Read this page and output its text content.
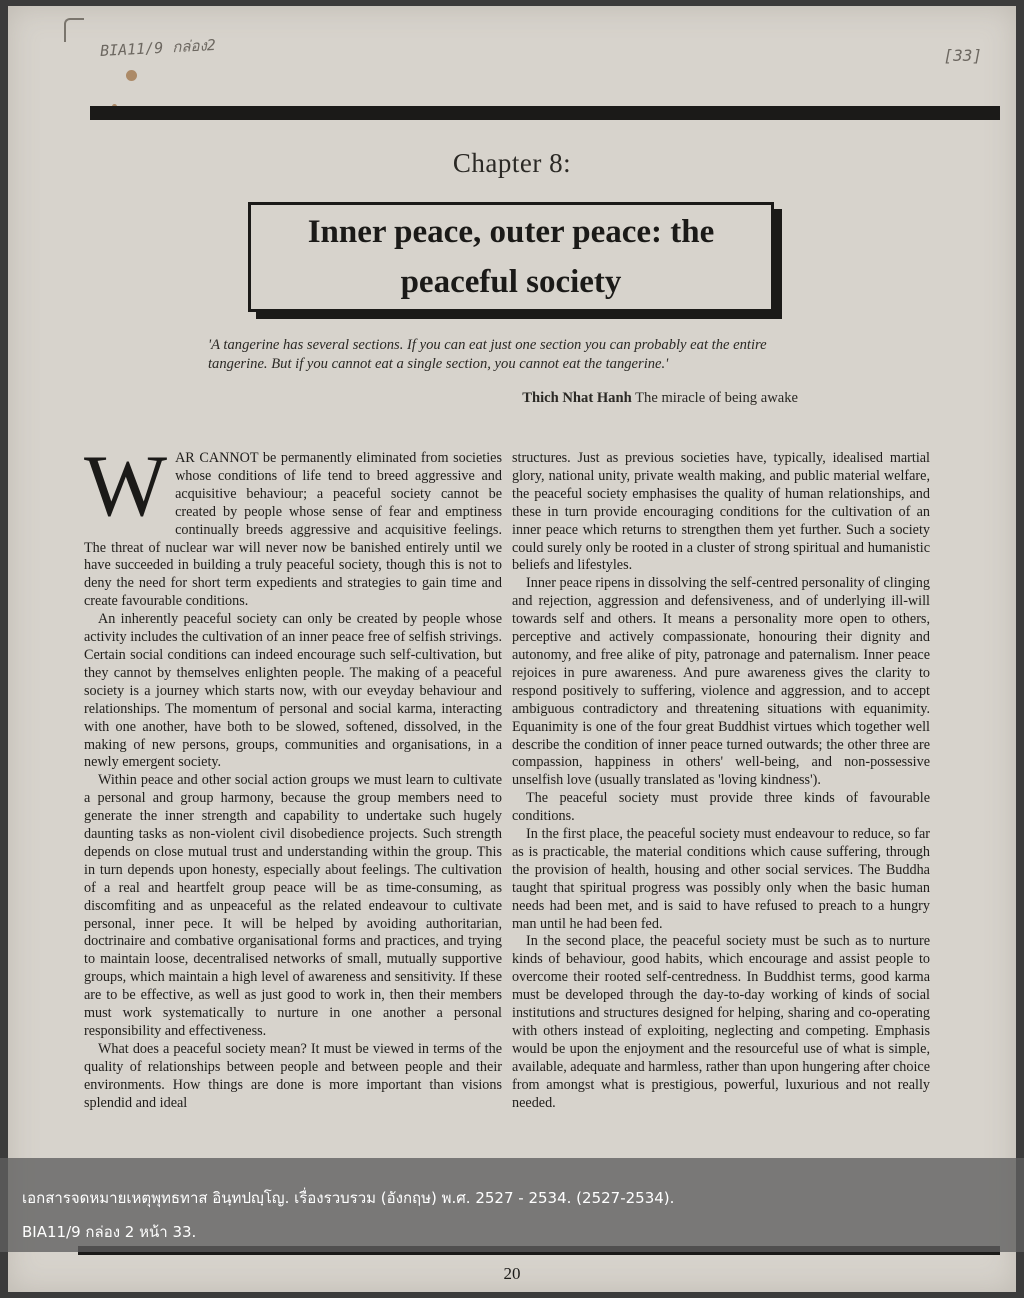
BIA11/9 กล่อง2	[33]
Chapter 8:
Inner peace, outer peace: the
peaceful society
'A tangerine has several sections. If you can eat just one section you can probably eat the entire tangerine. But if you cannot eat a single section, you cannot eat the tangerine.'
Thich Nhat Hanh The miracle of being awake

WAR CANNOT be permanently eliminated from societies whose conditions of life tend to breed aggressive and acquisitive behaviour; a peaceful society cannot be created by people whose sense of fear and emptiness continually breeds aggressive and acquisitive feelings. The threat of nuclear war will never now be banished entirely until we have succeeded in building a truly peaceful society, though this is not to deny the need for short term expedients and strategies to gain time and create favourable conditions.

An inherently peaceful society can only be created by people whose activity includes the cultivation of an inner peace free of selfish strivings. Certain social conditions can indeed encourage such self-cultivation, but they cannot by themselves enlighten people. The making of a peaceful society is a journey which starts now, with our eveyday behaviour and relationships. The momentum of personal and social karma, interacting with one another, have both to be slowed, softened, dissolved, in the making of new persons, groups, communities and organisations, in a newly emergent society.

Within peace and other social action groups we must learn to cultivate a personal and group harmony, because the group members need to generate the inner strength and capability to undertake such hugely daunting tasks as non-violent civil disobedience projects. Such strength depends on close mutual trust and understanding within the group. This in turn depends upon honesty, especially about feelings. The cultivation of a real and heartfelt group peace will be as time-consuming, as discomfiting and as unpeaceful as the related endeavour to cultivate personal, inner pece. It will be helped by avoiding authoritarian, doctrinaire and combative organisational forms and practices, and trying to maintain loose, decentralised networks of small, mutually supportive groups, which maintain a high level of awareness and sensitivity. If these are to be effective, as well as just good to work in, then their members must work systematically to nurture in one another a personal responsibility and effectiveness.

What does a peaceful society mean? It must be viewed in terms of the quality of relationships between people and between people and their environments. How things are done is more important than visions splendid and ideal

structures. Just as previous societies have, typically, idealised martial glory, national unity, private wealth making, and public material welfare, the peaceful society emphasises the quality of human relationships, and these in turn provide encouraging conditions for the cultivation of an inner peace which returns to strengthen them yet further. Such a society could surely only be rooted in a cluster of strong spiritual and humanistic beliefs and lifestyles.

Inner peace ripens in dissolving the self-centred personality of clinging and rejection, aggression and defensiveness, and of underlying ill-will towards self and others. It means a personality more open to others, perceptive and actively compassionate, honouring their dignity and autonomy, and free alike of pity, patronage and paternalism. Inner peace rejoices in pure awareness. And pure awareness gives the clarity to respond positively to suffering, violence and aggression, and to accept ambiguous contradictory and threatening situations with equanimity. Equanimity is one of the four great Buddhist virtues which together well describe the condition of inner peace turned outwards; the other three are compassion, happiness in others' well-being, and non-possessive unselfish love (usually translated as 'loving kindness').

The peaceful society must provide three kinds of favourable conditions.

In the first place, the peaceful society must endeavour to reduce, so far as is practicable, the material conditions which cause suffering, through the provision of health, housing and other social services. The Buddha taught that spiritual progress was possibly only when the basic human needs had been met, and is said to have refused to preach to a hungry man until he had been fed.

In the second place, the peaceful society must be such as to nurture kinds of behaviour, good habits, which encourage and assist people to overcome their rooted self-centredness. In Buddhist terms, good karma must be developed through the day-to-day working of kinds of social institutions and structures designed for helping, sharing and co-operating with others instead of exploiting, neglecting and competing. Emphasis would be upon the enjoyment and the resourceful use of what is simple, available, adequate and harmless, rather than upon hungering after choice from amongst what is prestigious, powerful, luxurious and not really needed.

20
เอกสารจดหมายเหตุพุทธทาส อินฺทปญฺโญ. เรื่องรวบรวม (อังกฤษ) พ.ศ. 2527 - 2534. (2527-2534).
BIA11/9 กล่อง 2 หน้า 33.
